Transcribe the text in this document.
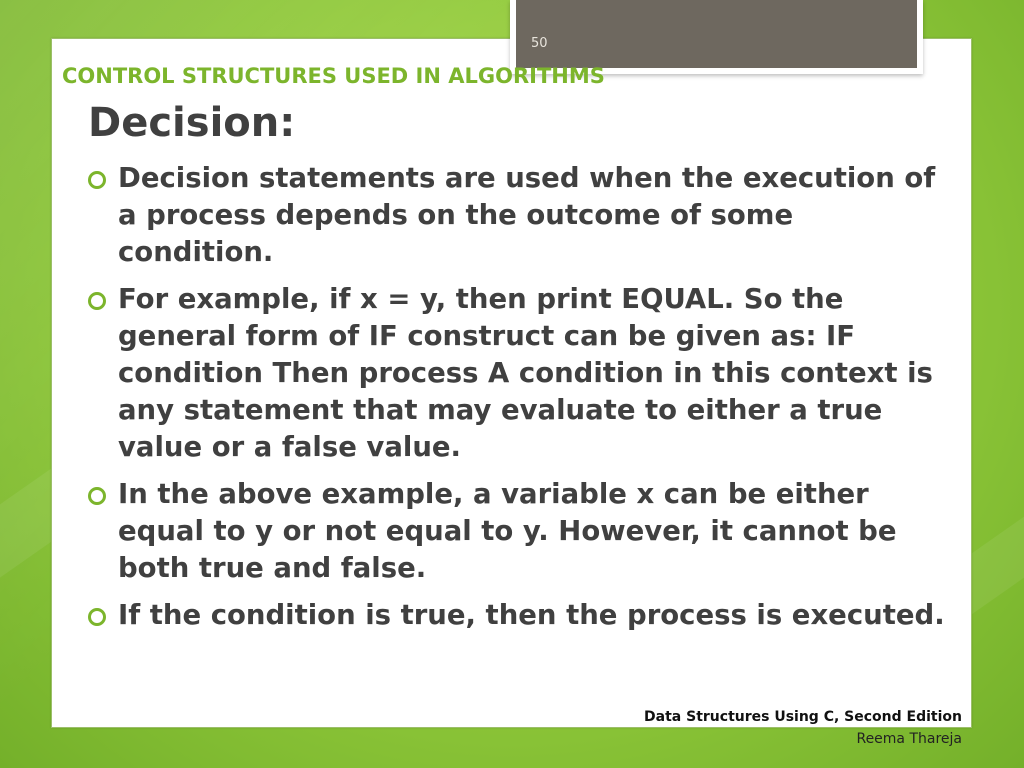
50
CONTROL STRUCTURES USED IN ALGORITHMS
Decision:
Decision statements are used when the execution of a process depends on the outcome of some condition.
For example, if x = y, then print EQUAL. So the general form of IF construct can be given as: IF condition Then process A condition in this context is any statement that may evaluate to either a true value or a false value.
In the above example, a variable x can be either equal to y or not equal to y. However, it cannot be both true and false.
If the condition is true, then the process is executed.
Data Structures Using C, Second Edition
Reema Thareja
